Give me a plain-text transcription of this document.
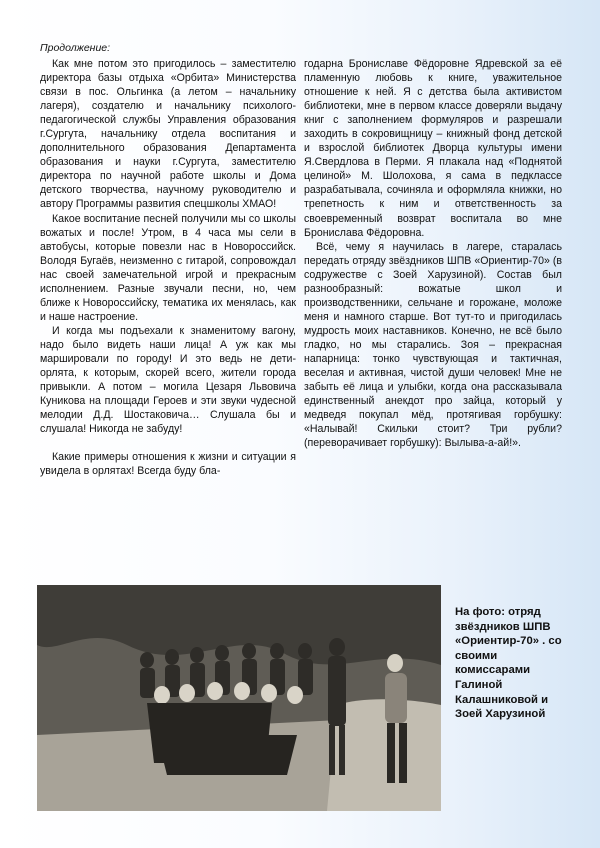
Продолжение:

Как мне потом это пригодилось – заместителю директора базы отдыха «Орбита» Министерства связи в пос. Ольгинка (а летом – начальнику лагеря), создателю и начальнику психолого-педагогической службы Управления образования г.Сургута, начальнику отдела воспитания и дополнительного образования Департамента образования и науки г.Сургута, заместителю директора по научной работе школы и Дома детского творчества, научному руководителю и автору Программы развития спецшколы ХМАО!

Какое воспитание песней получили мы со школы вожатых и после! Утром, в 4 часа мы сели в автобусы, которые повезли нас в Новороссийск. Володя Бугаёв, неизменно с гитарой, сопровождал нас своей замечательной игрой и прекрасным исполнением. Разные звучали песни, но, чем ближе к Новороссийску, тематика их менялась, как и наше настроение.

И когда мы подъехали к знаменитому вагону, надо было видеть наши лица! А уж как мы маршировали по городу! И это ведь не дети-орлята, к которым, скорей всего, жители города привыкли. А потом – могила Цезаря Львовича Куникова на площади Героев и эти звуки чудесной мелодии Д.Д. Шостаковича… Слушала бы и слушала! Никогда не забуду!

Какие примеры отношения к жизни и ситуации я увидела в орлятах! Всегда буду бла-

годарна Брониславе Фёдоровне Ядревской за её пламенную любовь к книге, уважительное отношение к ней. Я с детства была активистом библиотеки, мне в первом классе доверяли выдачу книг с заполнением формуляров и разрешали заходить в сокровищницу – книжный фонд детской и взрослой библиотек Дворца культуры имени Я.Свердлова в Перми. Я плакала над «Поднятой целиной» М. Шолохова, я сама в педклассе разрабатывала, сочиняла и оформляла книжки, но трепетность к ним и ответственность за своевременный возврат воспитала во мне Бронислава Фёдоровна.

Всё, чему я научилась в лагере, старалась передать отряду звёздников ШПВ «Ориентир-70» (в содружестве с Зоей Харузиной). Состав был разнообразный: вожатые школ и производственники, сельчане и горожане, моложе меня и намного старше. Вот тут-то и пригодилась мудрость моих наставников. Конечно, не всё было гладко, но мы старались. Зоя – прекрасная напарница: тонко чувствующая и тактичная, веселая и активная, чистой души человек! Мне не забыть её лица и улыбки, когда она рассказывала единственный анекдот про зайца, который у медведя покупал мёд, протягивая горбушку: «Налывай! Скильки стоит? Три рубли? (переворачивает горбушку): Вылыва-а-ай!».

На фото: отряд звёздников ШПВ «Ориентир-70» . со своими комиссарами Галиной Калашниковой и Зоей Харузиной
